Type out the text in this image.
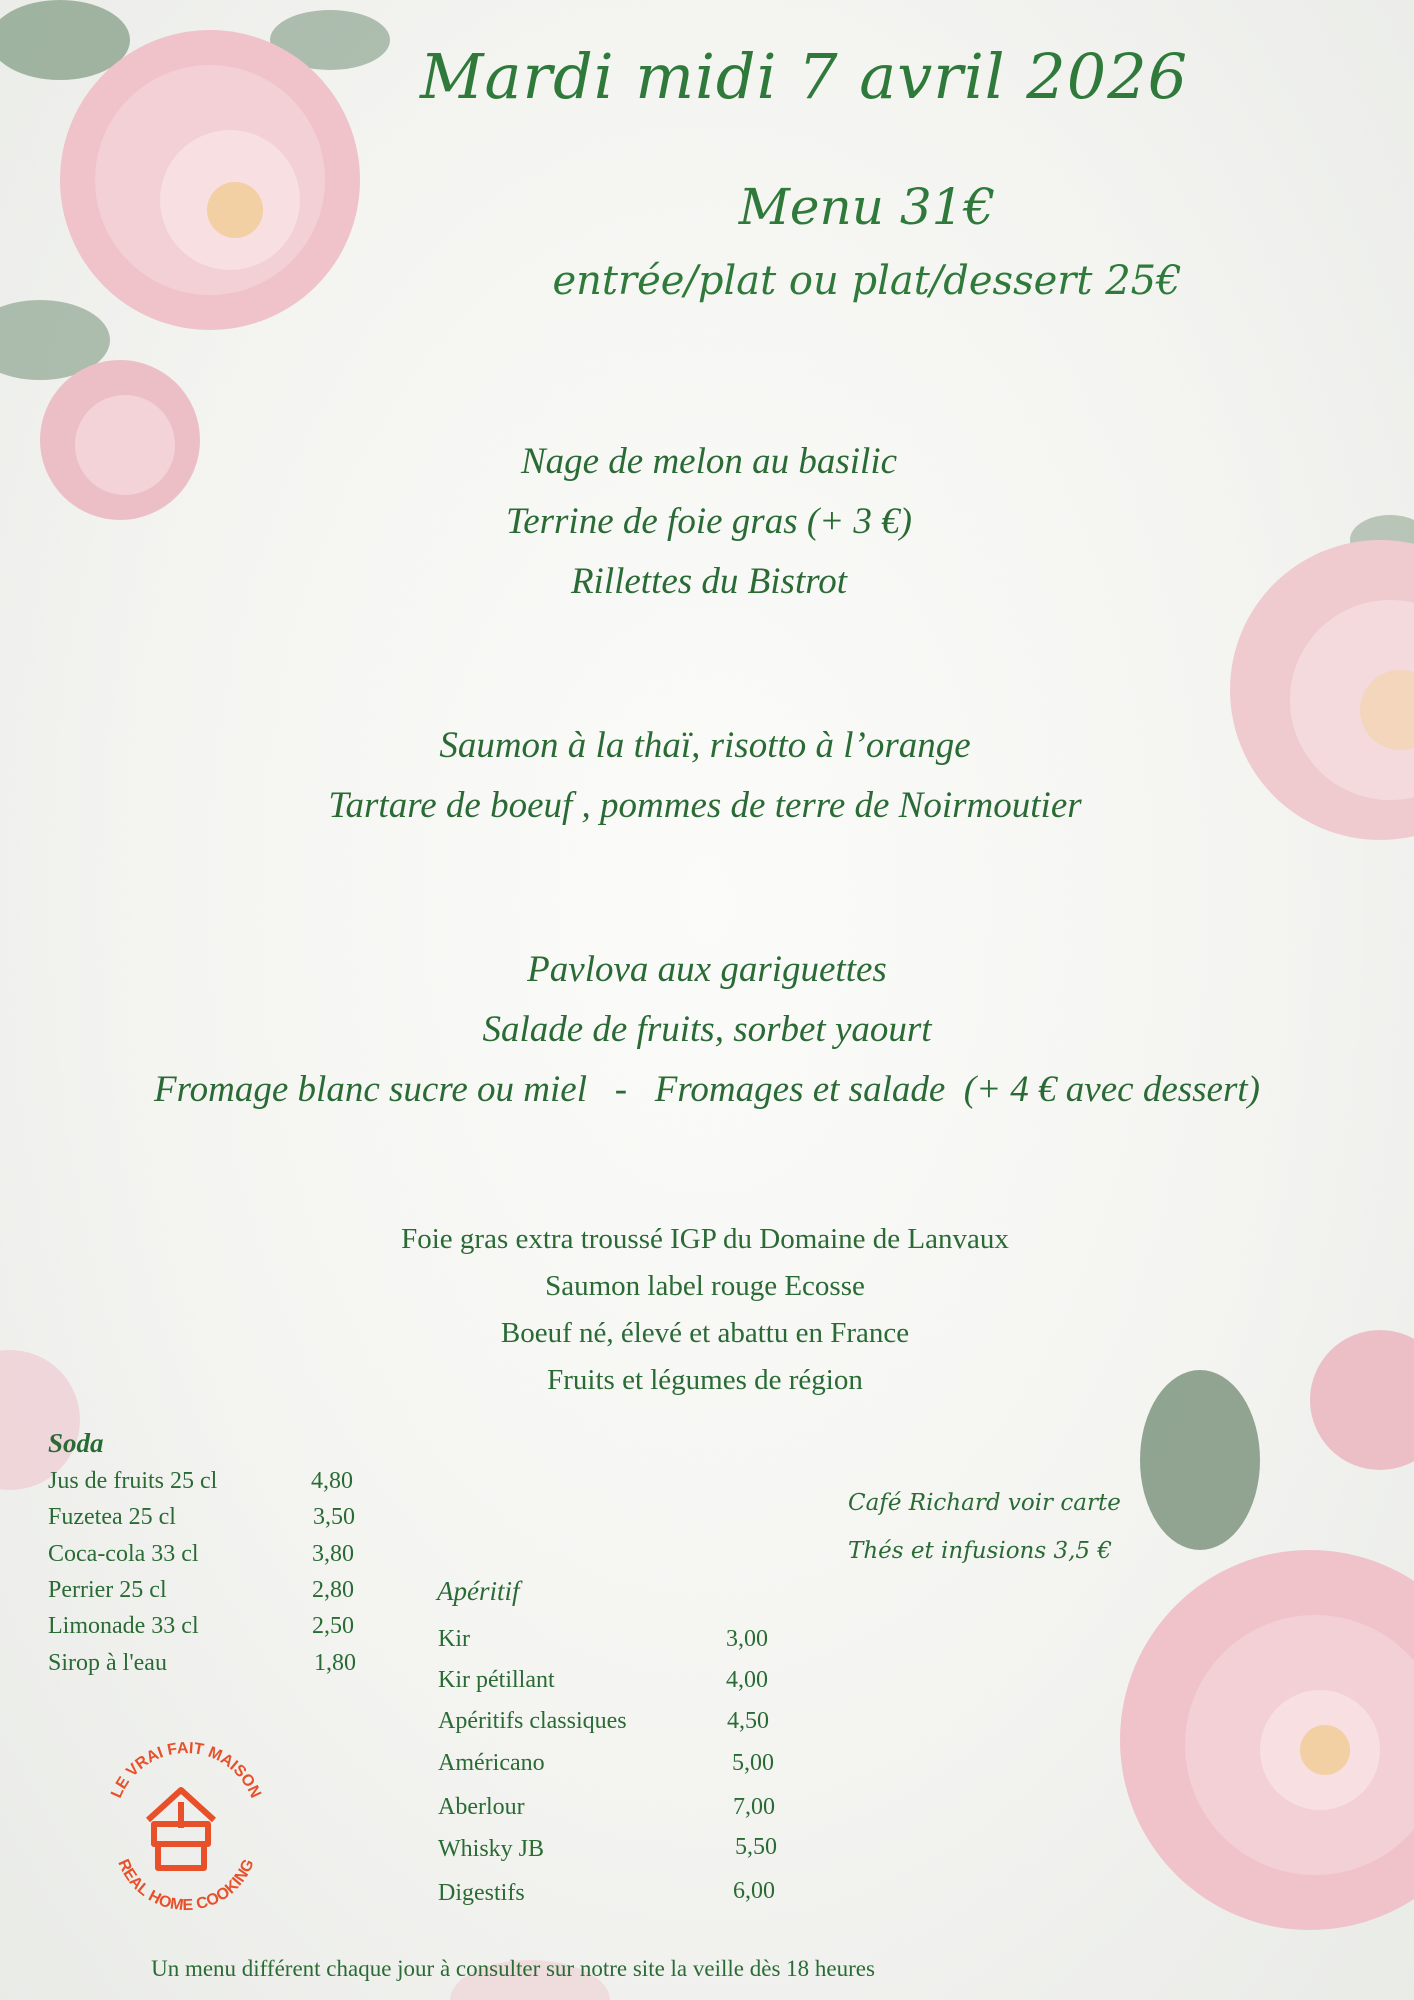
Mardi midi 7 avril 2026
Menu 31€
entrée/plat ou plat/dessert 25€
Nage de melon au basilic
Terrine de foie gras (+ 3 €)
Rillettes du Bistrot
Saumon à la thaï, risotto à l’orange
Tartare de boeuf , pommes de terre de Noirmoutier
Pavlova aux gariguettes
Salade de fruits, sorbet yaourt
Fromage blanc sucre ou miel   -   Fromages et salade  (+ 4 € avec dessert)
Foie gras extra troussé IGP du Domaine de Lanvaux
Saumon label rouge Ecosse
Boeuf né, élevé et abattu en France
Fruits et légumes de région
Soda
Jus de fruits 25 cl	4,80
Fuzetea 25 cl	3,50
Coca-cola 33 cl	3,80
Perrier 25 cl	2,80
Limonade 33 cl	2,50
Sirop à l'eau	1,80
Apéritif
Kir	3,00
Kir pétillant	4,00
Apéritifs classiques	4,50
Américano	5,00
Aberlour	7,00
Whisky JB	5,50
Digestifs	6,00
Café Richard voir carte
Thés et infusions 3,5 €
LE VRAI FAIT MAISON
REAL HOME COOKING
Un menu différent chaque jour à consulter sur notre site la veille dès 18 heures
